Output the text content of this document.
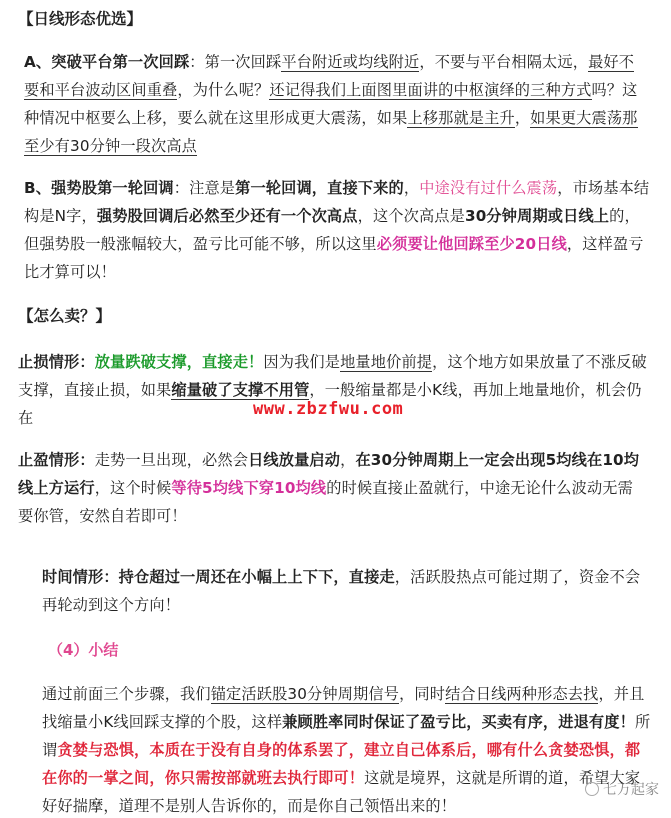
【日线形态优选】
A、突破平台第一次回踩：第一次回踩平台附近或均线附近，不要与平台相隔太远，最好不要和平台波动区间重叠，为什么呢？还记得我们上面图里面讲的中枢演绎的三种方式吗？这种情况中枢要么上移，要么就在这里形成更大震荡，如果上移那就是主升，如果更大震荡那至少有30分钟一段次高点
B、强势股第一轮回调：注意是第一轮回调，直接下来的，中途没有过什么震荡，市场基本结构是N字，强势股回调后必然至少还有一个次高点，这个次高点是30分钟周期或日线上的，但强势股一般涨幅较大，盈亏比可能不够，所以这里必须要让他回踩至少20日线，这样盈亏比才算可以！
【怎么卖？】
止损情形：放量跌破支撑，直接走！因为我们是地量地价前提，这个地方如果放量了不涨反破支撑，直接止损，如果缩量破了支撑不用管，一般缩量都是小K线，再加上地量地价，机会仍在	www.zbzfwu.com
止盈情形：走势一旦出现，必然会日线放量启动，在30分钟周期上一定会出现5均线在10均线上方运行，这个时候等待5均线下穿10均线的时候直接止盈就行，中途无论什么波动无需要你管，安然自若即可！
时间情形：持仓超过一周还在小幅上上下下，直接走，活跃股热点可能过期了，资金不会再轮动到这个方向！
（4）小结
通过前面三个步骤，我们锚定活跃股30分钟周期信号，同时结合日线两种形态去找，并且找缩量小K线回踩支撑的个股，这样兼顾胜率同时保证了盈亏比，买卖有序，进退有度！所谓贪婪与恐惧，本质在于没有自身的体系罢了，建立自己体系后，哪有什么贪婪恐惧，都在你的一掌之间，你只需按部就班去执行即可！这就是境界，这就是所谓的道，希望大家好好揣摩，道理不是别人告诉你的，而是你自己领悟出来的！
七万起家
